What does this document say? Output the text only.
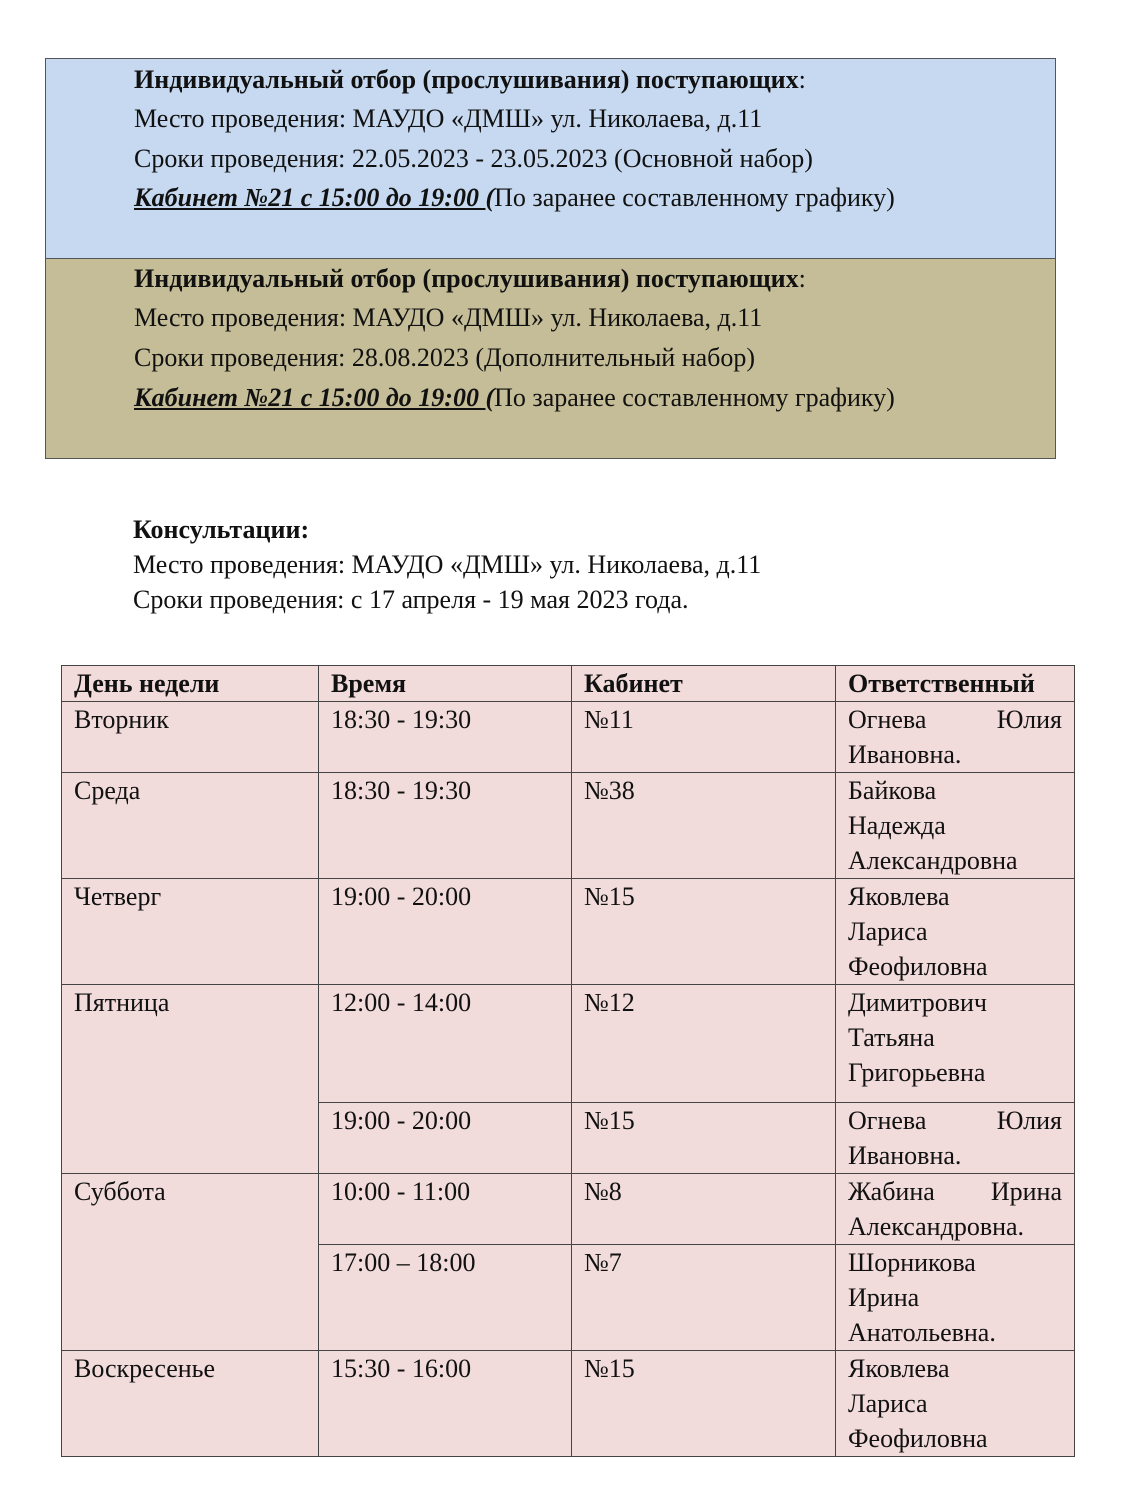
Индивидуальный отбор (прослушивания) поступающих:
Место проведения: МАУДО «ДМШ» ул. Николаева, д.11
Сроки проведения: 22.05.2023 - 23.05.2023 (Основной набор)
Кабинет №21 с 15:00 до 19:00 (По заранее составленному графику)
Индивидуальный отбор (прослушивания) поступающих:
Место проведения: МАУДО «ДМШ» ул. Николаева, д.11
Сроки проведения: 28.08.2023 (Дополнительный набор)
Кабинет №21 с 15:00 до 19:00 (По заранее составленному графику)
Консультации:
Место проведения: МАУДО «ДМШ» ул. Николаева, д.11
Сроки проведения: с 17 апреля - 19 мая 2023 года.
День недели	Время	Кабинет	Ответственный
Вторник	18:30 - 19:30	№11	Огнева Юлия
Ивановна.

Среда	18:30 - 19:30	№38	Байкова
Надежда
Александровна

Четверг	19:00 - 20:00	№15	Яковлева
Лариса
Феофиловна

Пятница	12:00 - 14:00	№12	Димитрович
Татьяна
Григорьевна

	19:00 - 20:00	№15	Огнева Юлия
Ивановна.

Суббота	10:00 - 11:00	№8	Жабина Ирина
Александровна.

	17:00 – 18:00	№7	Шорникова
Ирина
Анатольевна.

Воскресенье	15:30 - 16:00	№15	Яковлева
Лариса
Феофиловна
